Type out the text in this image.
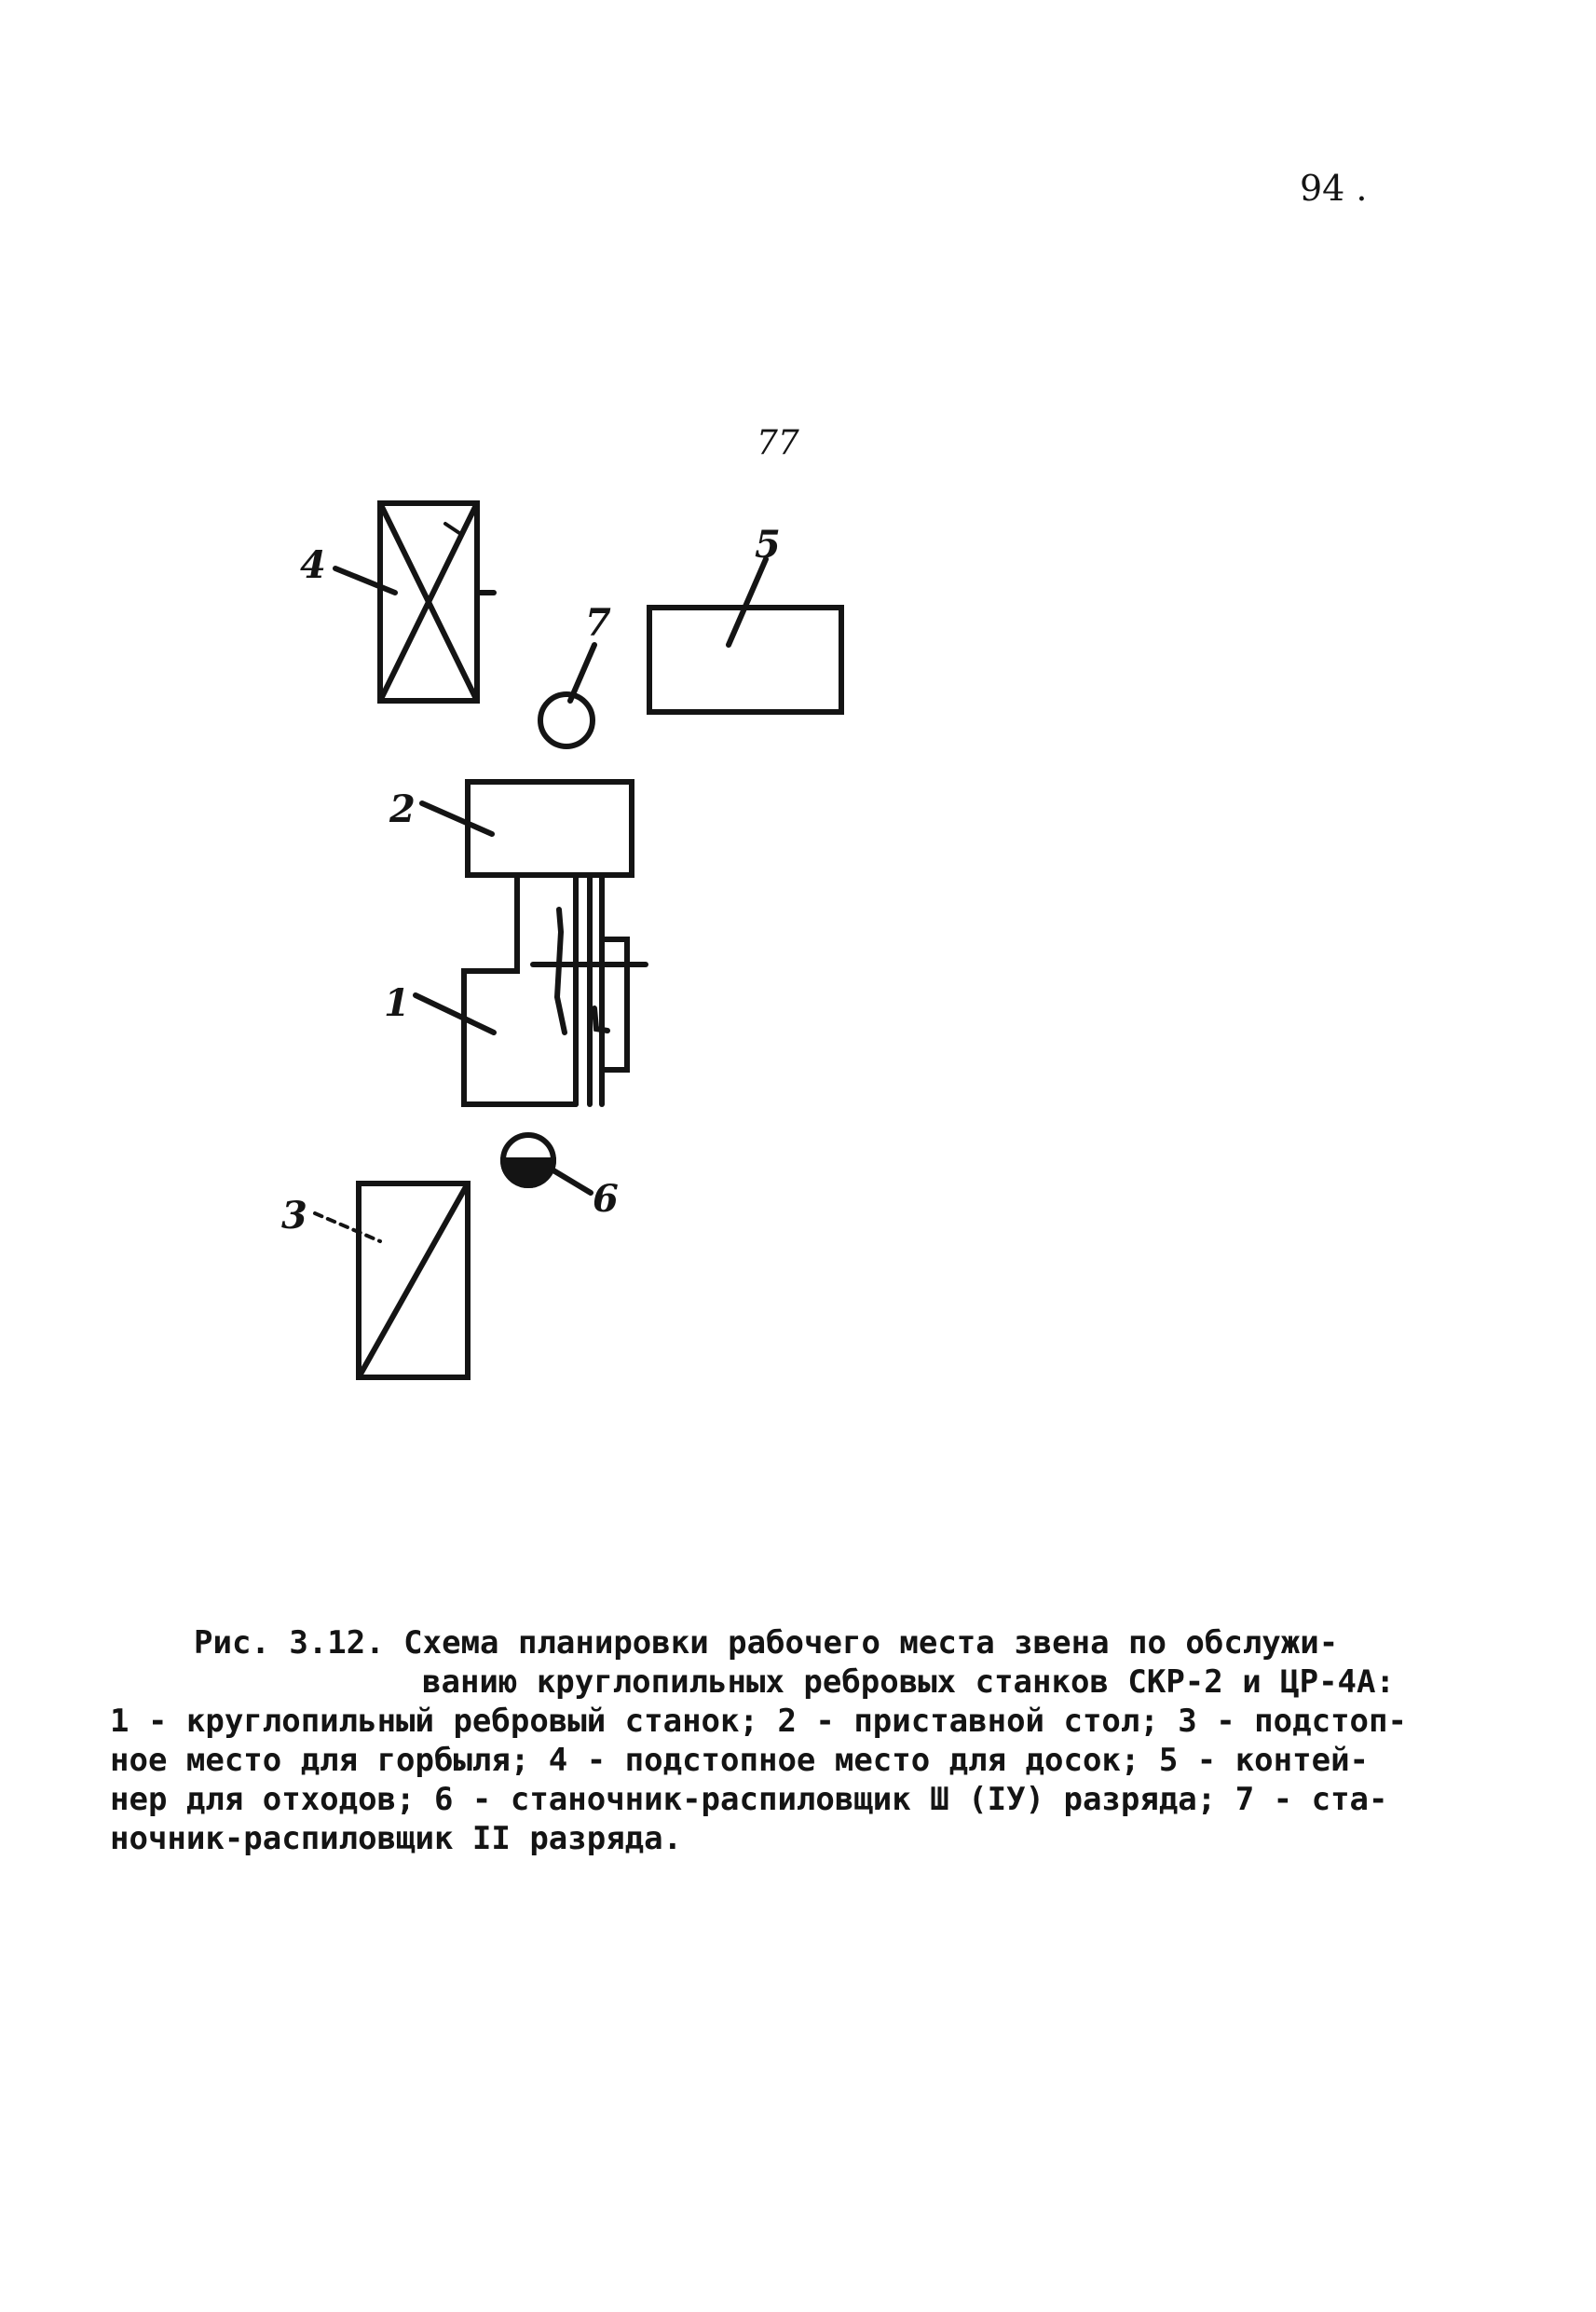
94 .
77
4	5
7
2
1
6
3
Рис. 3.12. Схема планировки рабочего места звена по обслужи-
ванию круглопильных ребровых станков СКР-2 и ЦР-4А:
1 - круглопильный ребровый станок; 2 - приставной стол; 3 - подстоп-
ное место для горбыля; 4 - подстопное место для досок; 5 - контей-
нер для отходов; 6 - станочник-распиловщик Ш (IУ) разряда; 7 - ста-
ночник-распиловщик II разряда.
